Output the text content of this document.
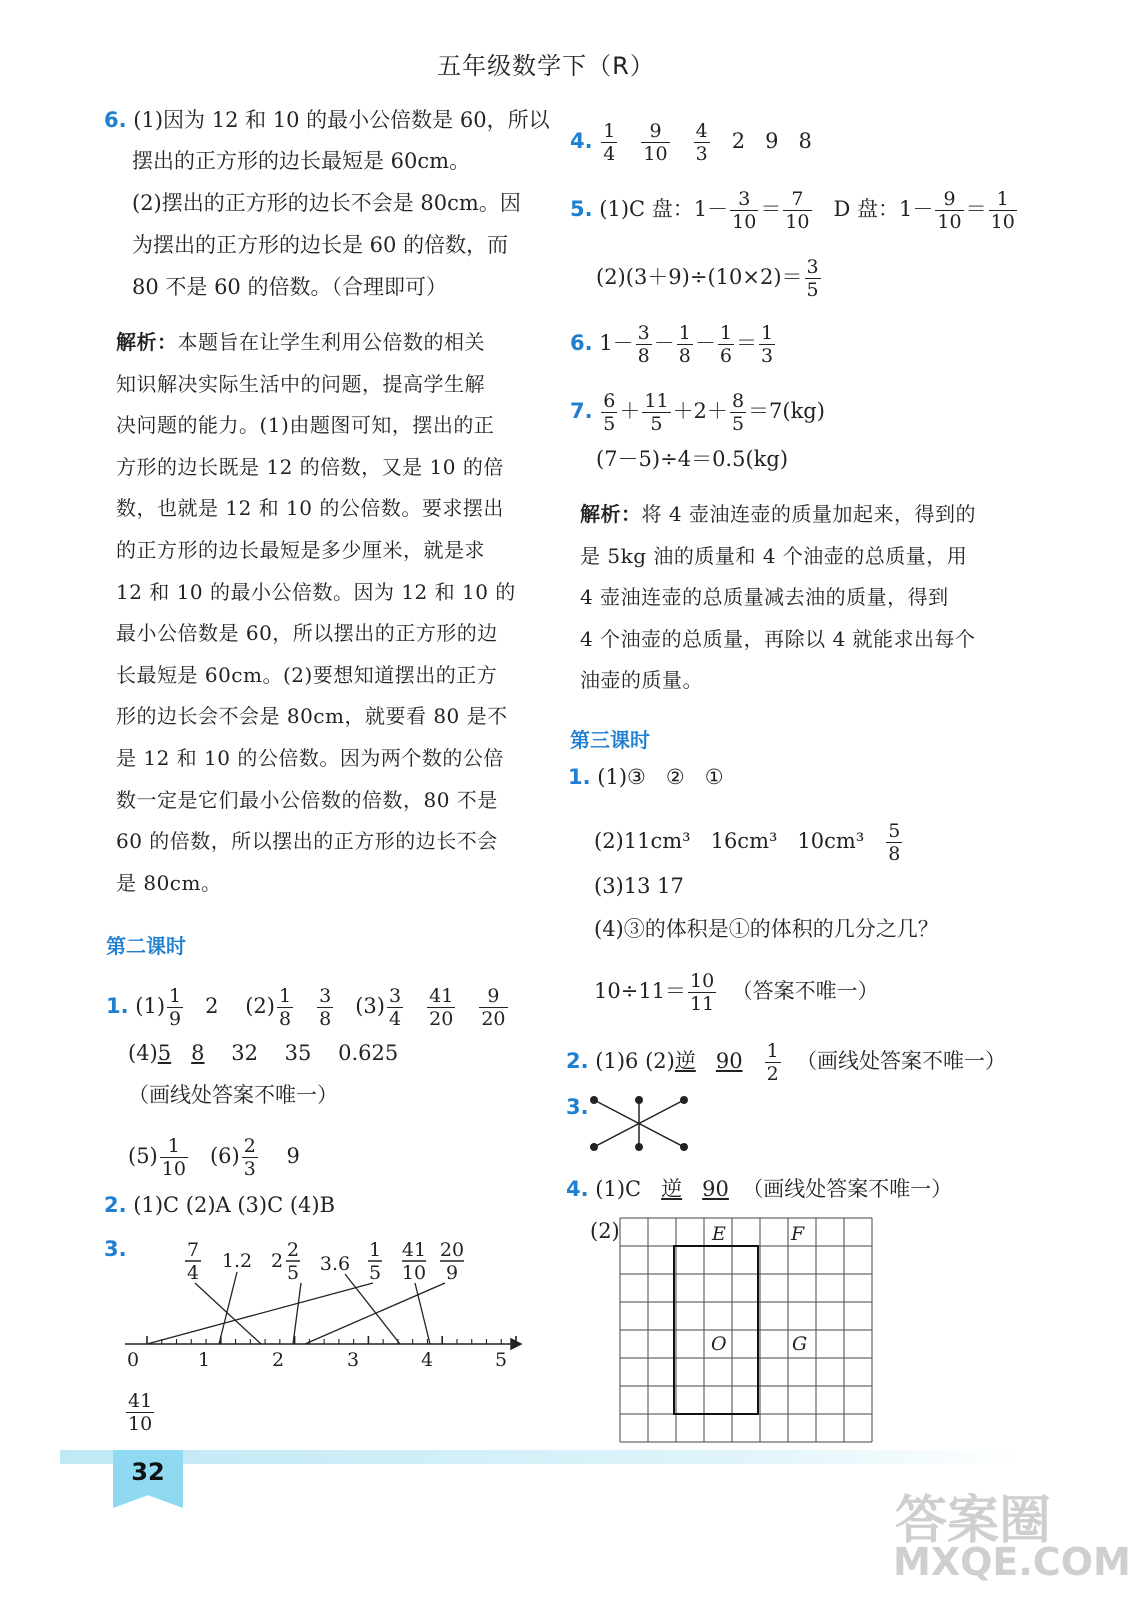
五年级数学下（R）
6. (1)因为 12 和 10 的最小公倍数是 60，所以
摆出的正方形的边长最短是 60cm。
(2)摆出的正方形的边长不会是 80cm。因
为摆出的正方形的边长是 60 的倍数，而
80 不是 60 的倍数。（合理即可）
解析：本题旨在让学生利用公倍数的相关
知识解决实际生活中的问题，提高学生解
决问题的能力。(1)由题图可知，摆出的正
方形的边长既是 12 的倍数，又是 10 的倍
数，也就是 12 和 10 的公倍数。要求摆出
的正方形的边长最短是多少厘米，就是求
12 和 10 的最小公倍数。因为 12 和 10 的
最小公倍数是 60，所以摆出的正方形的边
长最短是 60cm。(2)要想知道摆出的正方
形的边长会不会是 80cm，就要看 80 是不
是 12 和 10 的公倍数。因为两个数的公倍
数一定是它们最小公倍数的倍数，80 不是
60 的倍数，所以摆出的正方形的边长不会
是 80cm。
第二课时
1. $(1) \frac{1}{9} 2$ $(2) \frac{1}{8}$
$\frac{3}{8} (3) \frac{3}{4}$
$\frac{41}{20}$
$\frac{9}{20}$
(4)5 8 32 35 0.625
（画线处答案不唯一）
$(5) \frac{1}{10} (6) \frac{2}{3} 9$
2. (1)C (2)A (3)C (4)B
3.	7
4
1.2 2 2
5 3.6
1
5
41
10
20
9
0	1	2	3	4	5
$\frac{41}{10}$
4. $\frac{1}{4}$
$\frac{9}{10}$
$\frac{4}{3} 2$   9   8
5. (1)C 盘：$1- \frac{3}{10} = \frac{7}{10}$ D 盘：$1- \frac{9}{10} = \frac{1}{10}$
$(2)(3+9)\div(10\times 2)= \frac{3}{5}$
6. $1- \frac{3}{8} - \frac{1}{8} - \frac{1}{6} = \frac{1}{3}$
7. $\frac{6}{5} + \frac{11}{5} +2+ \frac{8}{5} =7(kg)$
(7－5)÷4＝0.5(kg)
解析：将 4 壶油连壶的质量加起来，得到的
是 5kg 油的质量和 4 个油壶的总质量，用
4 壶油连壶的总质量减去油的质量，得到
4 个油壶的总质量，再除以 4 就能求出每个
油壶的质量。
第三课时
1. (1)③   ②   ①
(2)11cm³   16cm³   $10cm^3 \frac{5}{8}$
(3)13 17
(4)③的体积是①的体积的几分之几？
$10\div 11= \frac{10}{11}$ （答案不唯一）
2. (1)6 (2)逆 $90 \frac{1}{2}$ （画线处答案不唯一）
3.
4. (1)C 逆 90 （画线处答案不唯一）
(2)	E	F
O	G
32
答案圈
MXQE.COM
